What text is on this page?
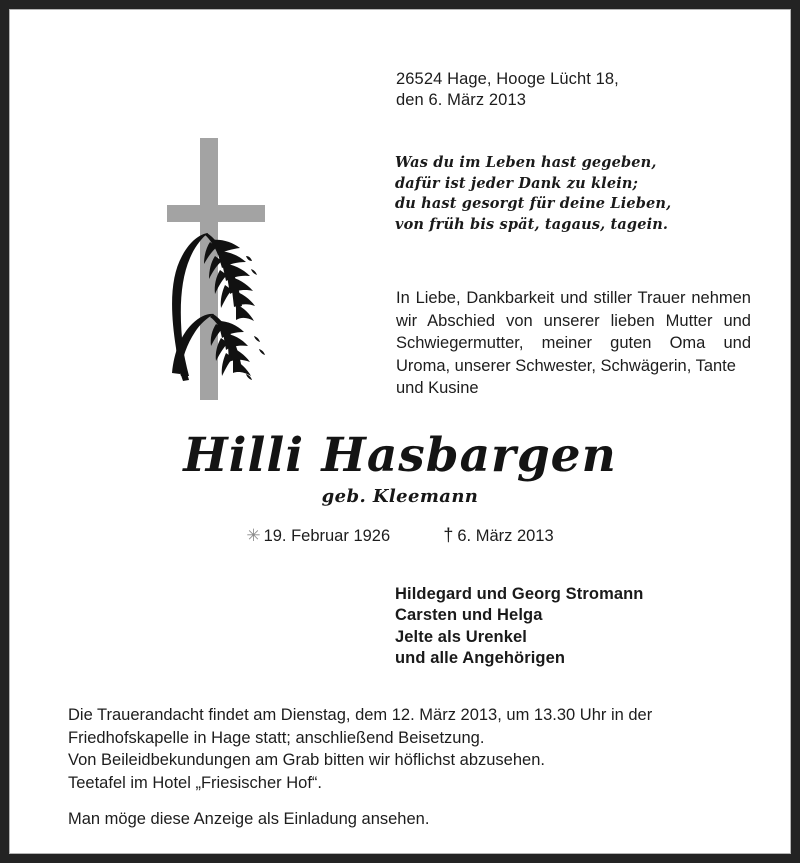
26524 Hage, Hooge Lücht 18,
den 6. März 2013
Was du im Leben hast gegeben,
dafür ist jeder Dank zu klein;
du hast gesorgt für deine Lieben,
von früh bis spät, tagaus, tagein.
In Liebe, Dankbarkeit und stiller Trauer nehmen wir Abschied von unserer lieben Mutter und Schwiegermutter, meiner guten Oma und Uroma, unserer Schwester, Schwägerin, Tante
und Kusine
Hilli Hasbargen
geb. Kleemann
✳ 19. Februar 1926	† 6. März 2013
Hildegard und Georg Stromann
Carsten und Helga
Jelte als Urenkel
und alle Angehörigen

Die Trauerandacht findet am Dienstag, dem 12. März 2013, um 13.30 Uhr in der Friedhofskapelle in Hage statt; anschließend Beisetzung.

Von Beileidbekundungen am Grab bitten wir höflichst abzusehen.

Teetafel im Hotel „Friesischer Hof“.

Man möge diese Anzeige als Einladung ansehen.
